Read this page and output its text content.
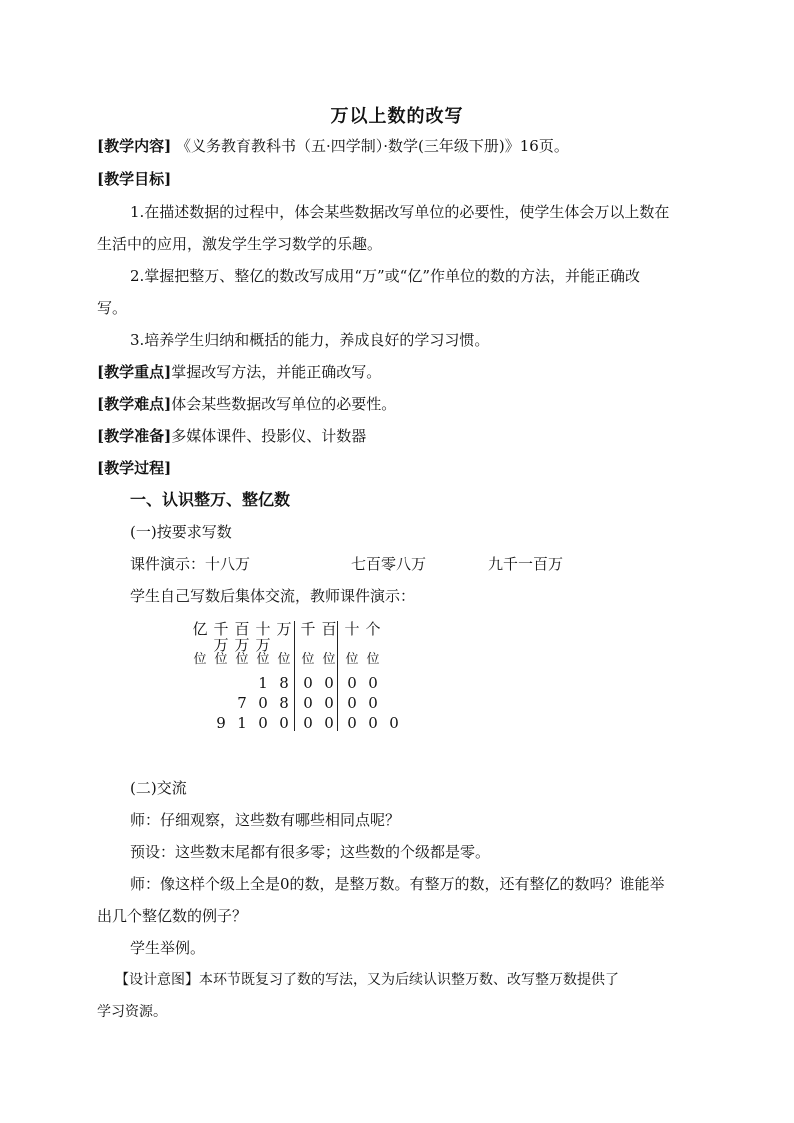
万以上数的改写
[教学内容] 《义务教育教科书（五·四学制）·数学(三年级下册)》16页。
[教学目标]
1.在描述数据的过程中，体会某些数据改写单位的必要性，使学生体会万以上数在
生活中的应用，激发学生学习数学的乐趣。
2.掌握把整万、整亿的数改写成用“万”或“亿”作单位的数的方法，并能正确改
写。
3.培养学生归纳和概括的能力，养成良好的学习习惯。
[教学重点]掌握改写方法，并能正确改写。
[教学难点]体会某些数据改写单位的必要性。
[教学准备]多媒体课件、投影仪、计数器
[教学过程]
一、认识整万、整亿数
(一)按要求写数
课件演示： 十八万	七百零八万	九千一百万
学生自己写数后集体交流，教师课件演示：
亿

位
千
万
位
百
万
位
十
万
位
万

位
千

位
百

位
十

位
个

位
1 8 0 0 0 0
7 0 8 0 0 0 0
9 1 0 0 0 0 0 0 0
(二)交流
师：仔细观察，这些数有哪些相同点呢？
预设：这些数末尾都有很多零；这些数的个级都是零。
师：像这样个级上全是0的数，是整万数。有整万的数，还有整亿的数吗？谁能举
出几个整亿数的例子？
学生举例。
【设计意图】本环节既复习了数的写法，又为后续认识整万数、改写整万数提供了
学习资源。
